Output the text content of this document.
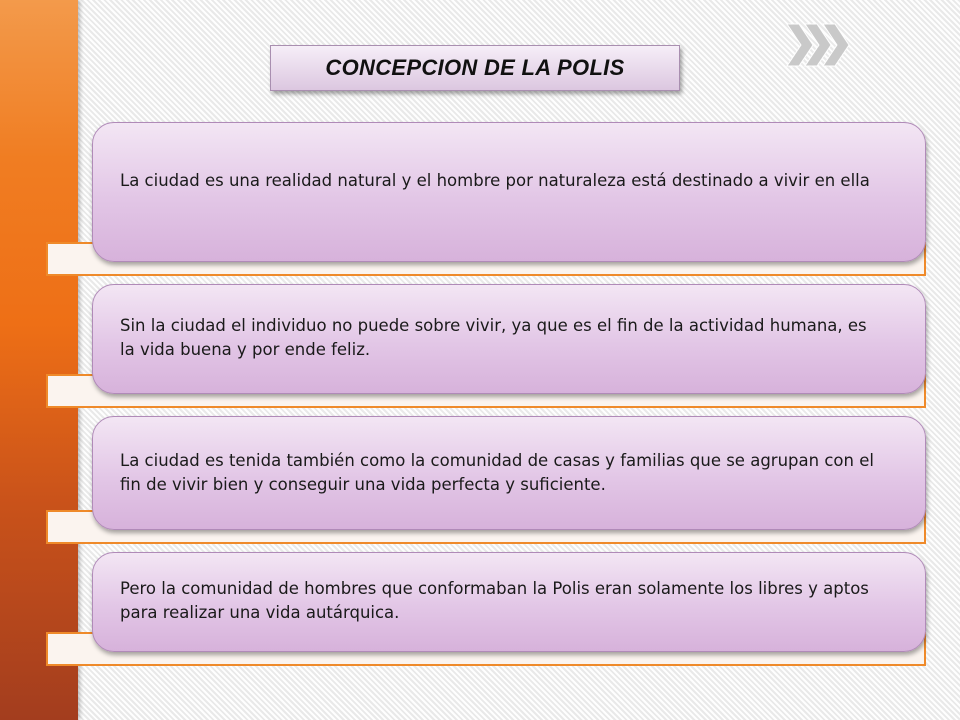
CONCEPCION DE LA POLIS
La ciudad es una realidad natural y el hombre por naturaleza está destinado a vivir en ella
Sin la ciudad el individuo no puede sobre vivir, ya que es el fin de la actividad humana, es la vida buena y por ende feliz.
La ciudad es tenida también como la comunidad de casas y familias que se agrupan con el fin de vivir bien y conseguir una vida perfecta y suficiente.
Pero la comunidad de hombres que conformaban la Polis eran solamente los libres y aptos para realizar una vida autárquica.
